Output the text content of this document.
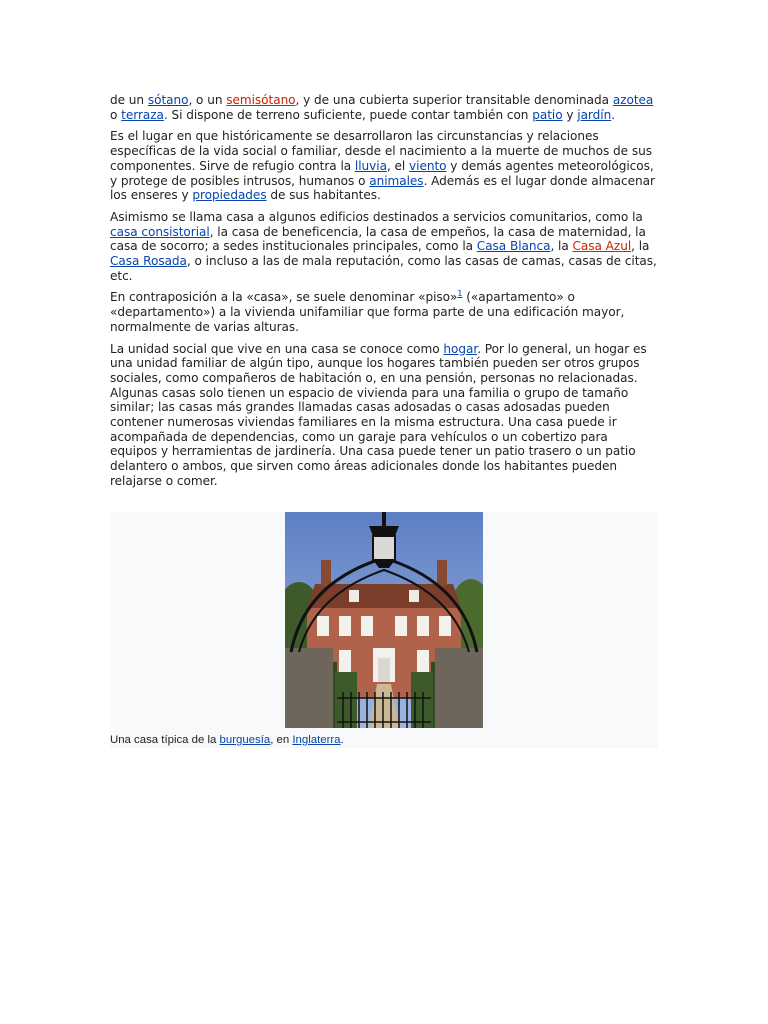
de un sótano, o un semisótano, y de una cubierta superior transitable denominada azotea o terraza. Si dispone de terreno suficiente, puede contar también con patio y jardín.

Es el lugar en que históricamente se desarrollaron las circunstancias y relaciones específicas de la vida social o familiar, desde el nacimiento a la muerte de muchos de sus componentes. Sirve de refugio contra la lluvia, el viento y demás agentes meteorológicos, y protege de posibles intrusos, humanos o animales. Además es el lugar donde almacenar los enseres y propiedades de sus habitantes.

Asimismo se llama casa a algunos edificios destinados a servicios comunitarios, como la casa consistorial, la casa de beneficencia, la casa de empeños, la casa de maternidad, la casa de socorro; a sedes institucionales principales, como la Casa Blanca, la Casa Azul, la Casa Rosada, o incluso a las de mala reputación, como las casas de camas, casas de citas, etc.

En contraposición a la «casa», se suele denominar «piso»$^1$ («apartamento» o «departamento») a la vivienda unifamiliar que forma parte de una edificación mayor, normalmente de varias alturas.

La unidad social que vive en una casa se conoce como hogar. Por lo general, un hogar es una unidad familiar de algún tipo, aunque los hogares también pueden ser otros grupos sociales, como compañeros de habitación o, en una pensión, personas no relacionadas. Algunas casas solo tienen un espacio de vivienda para una familia o grupo de tamaño similar; las casas más grandes llamadas casas adosadas o casas adosadas pueden contener numerosas viviendas familiares en la misma estructura. Una casa puede ir acompañada de dependencias, como un garaje para vehículos o un cobertizo para equipos y herramientas de jardinería. Una casa puede tener un patio trasero o un patio delantero o ambos, que sirven como áreas adicionales donde los habitantes pueden relajarse o comer.

Una casa típica de la burguesía, en Inglaterra.
